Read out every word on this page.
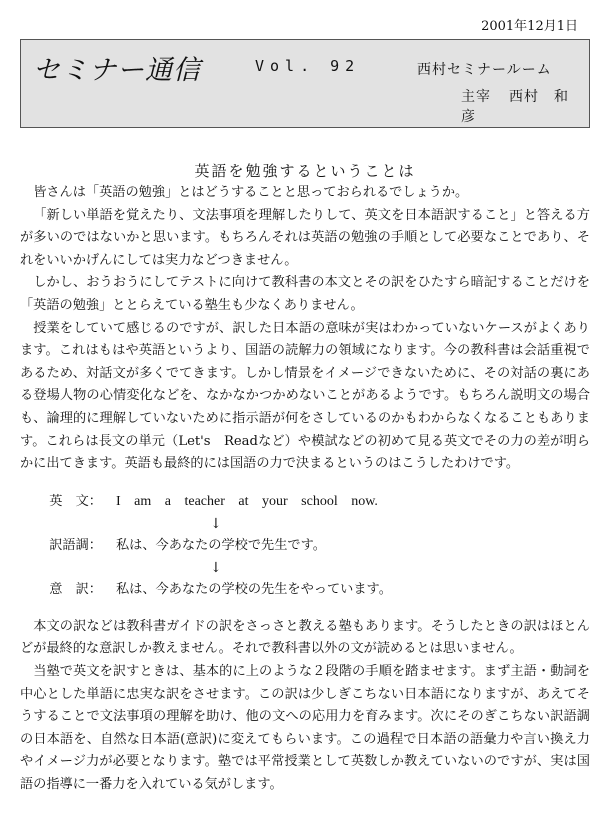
2001年12月1日
セミナー通信	Vol. 92	西村セミナールーム
主宰 西村　和彦
英語を勉強するということは

皆さんは「英語の勉強」とはどうすることと思っておられるでしょうか。

「新しい単語を覚えたり、文法事項を理解したりして、英文を日本語訳すること」と答える方が多いのではないかと思います。もちろんそれは英語の勉強の手順として必要なことであり、それをいいかげんにしては実力などつきません。

しかし、おうおうにしてテストに向けて教科書の本文とその訳をひたすら暗記することだけを「英語の勉強」ととらえている塾生も少なくありません。

授業をしていて感じるのですが、訳した日本語の意味が実はわかっていないケースがよくあります。これはもはや英語というより、国語の読解力の領域になります。今の教科書は会話重視であるため、対話文が多くでてきます。しかし情景をイメージできないために、その対話の裏にある登場人物の心情変化などを、なかなかつかめないことがあるようです。もちろん説明文の場合も、論理的に理解していないために指示語が何をさしているのかもわからなくなることもあります。これらは長文の単元（Let's　Readなど）や模試などの初めて見る英文でその力の差が明らかに出てきます。英語も最終的には国語の力で決まるというのはこうしたわけです。

英　文：	I am a teacher at your school now.
↓
訳語調：	私は、今あなたの学校で先生です。
↓
意　訳：	私は、今あなたの学校の先生をやっています。

本文の訳などは教科書ガイドの訳をさっさと教える塾もあります。そうしたときの訳はほとんどが最終的な意訳しか教えません。それで教科書以外の文が読めるとは思いません。

当塾で英文を訳すときは、基本的に上のような２段階の手順を踏ませます。まず主語・動詞を中心とした単語に忠実な訳をさせます。この訳は少しぎこちない日本語になりますが、あえてそうすることで文法事項の理解を助け、他の文への応用力を育みます。次にそのぎこちない訳語調の日本語を、自然な日本語(意訳)に変えてもらいます。この過程で日本語の語彙力や言い換え力やイメージ力が必要となります。塾では平常授業として英数しか教えていないのですが、実は国語の指導に一番力を入れている気がします。
